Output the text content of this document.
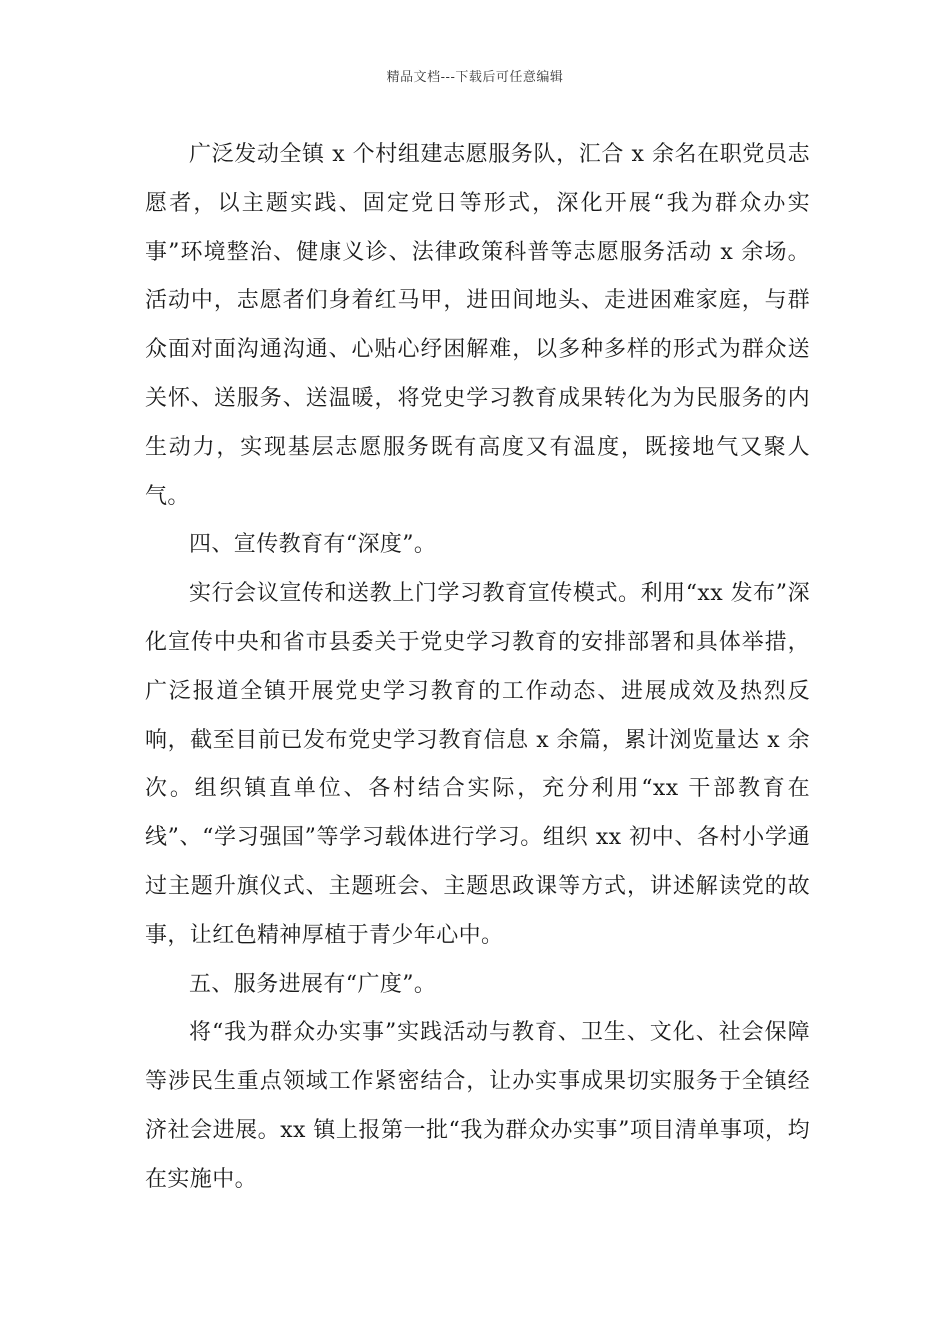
精品文档---下载后可任意编辑

广泛发动全镇 x 个村组建志愿服务队，汇合 x 余名在职党员志愿者，以主题实践、固定党日等形式，深化开展“我为群众办实事”环境整治、健康义诊、法律政策科普等志愿服务活动 x 余场。活动中，志愿者们身着红马甲，进田间地头、走进困难家庭，与群众面对面沟通沟通、心贴心纾困解难，以多种多样的形式为群众送关怀、送服务、送温暖，将党史学习教育成果转化为为民服务的内生动力，实现基层志愿服务既有高度又有温度，既接地气又聚人气。

四、宣传教育有“深度”。

实行会议宣传和送教上门学习教育宣传模式。利用“xx 发布”深化宣传中央和省市县委关于党史学习教育的安排部署和具体举措，广泛报道全镇开展党史学习教育的工作动态、进展成效及热烈反响，截至目前已发布党史学习教育信息 x 余篇，累计浏览量达 x 余次。组织镇直单位、各村结合实际，充分利用“xx 干部教育在线”、“学习强国”等学习载体进行学习。组织 xx 初中、各村小学通过主题升旗仪式、主题班会、主题思政课等方式，讲述解读党的故事，让红色精神厚植于青少年心中。

五、服务进展有“广度”。

将“我为群众办实事”实践活动与教育、卫生、文化、社会保障等涉民生重点领域工作紧密结合，让办实事成果切实服务于全镇经济社会进展。xx 镇上报第一批“我为群众办实事”项目清单事项，均在实施中。
